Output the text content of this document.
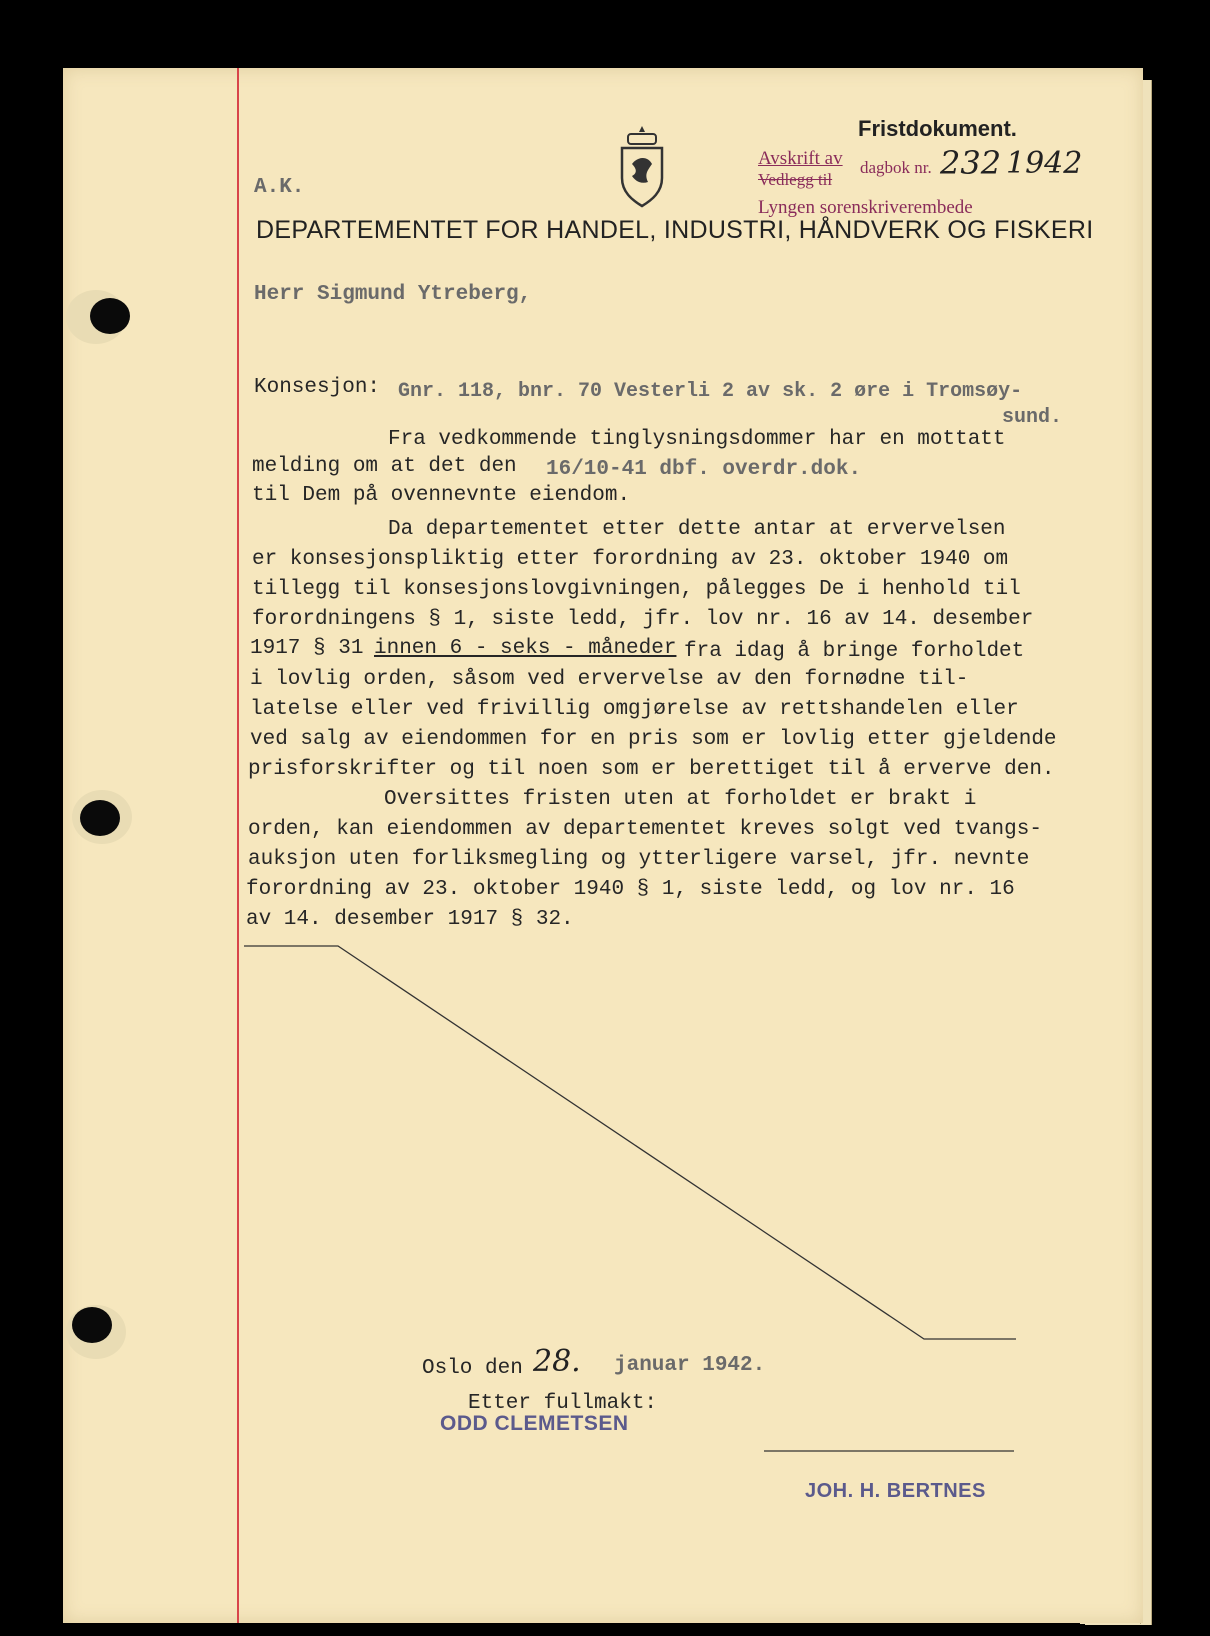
Fristdokument.
Avskrift av
Vedlegg til
dagbok nr. 232 1942
Lyngen sorenskriverembede
A.K.
DEPARTEMENTET FOR HANDEL, INDUSTRI, HÅNDVERK OG FISKERI
Herr Sigmund Ytreberg,
Konsesjon: Gnr. 118, bnr. 70 Vesterli 2 av sk. 2 øre i Tromsøy-
sund.
Fra vedkommende tinglysningsdommer har en mottatt
melding om at det den 16/10-41 dbf. overdr.dok.
til Dem på ovennevnte eiendom.
Da departementet etter dette antar at ervervelsen
er konsesjonspliktig etter forordning av 23. oktober 1940 om
tillegg til konsesjonslovgivningen, pålegges De i henhold til
forordningens § 1, siste ledd, jfr. lov nr. 16 av 14. desember
1917 § 31 innen 6 - seks - måneder fra idag å bringe forholdet
i lovlig orden, såsom ved ervervelse av den fornødne til-
latelse eller ved frivillig omgjørelse av rettshandelen eller
ved salg av eiendommen for en pris som er lovlig etter gjeldende
prisforskrifter og til noen som er berettiget til å erverve den.
Oversittes fristen uten at forholdet er brakt i
orden, kan eiendommen av departementet kreves solgt ved tvangs-
auksjon uten forliksmegling og ytterligere varsel, jfr. nevnte
forordning av 23. oktober 1940 § 1, siste ledd, og lov nr. 16
av 14. desember 1917 § 32.
Oslo den 28. januar 1942.
Etter fullmakt:
ODD CLEMETSEN
JOH. H. BERTNES
